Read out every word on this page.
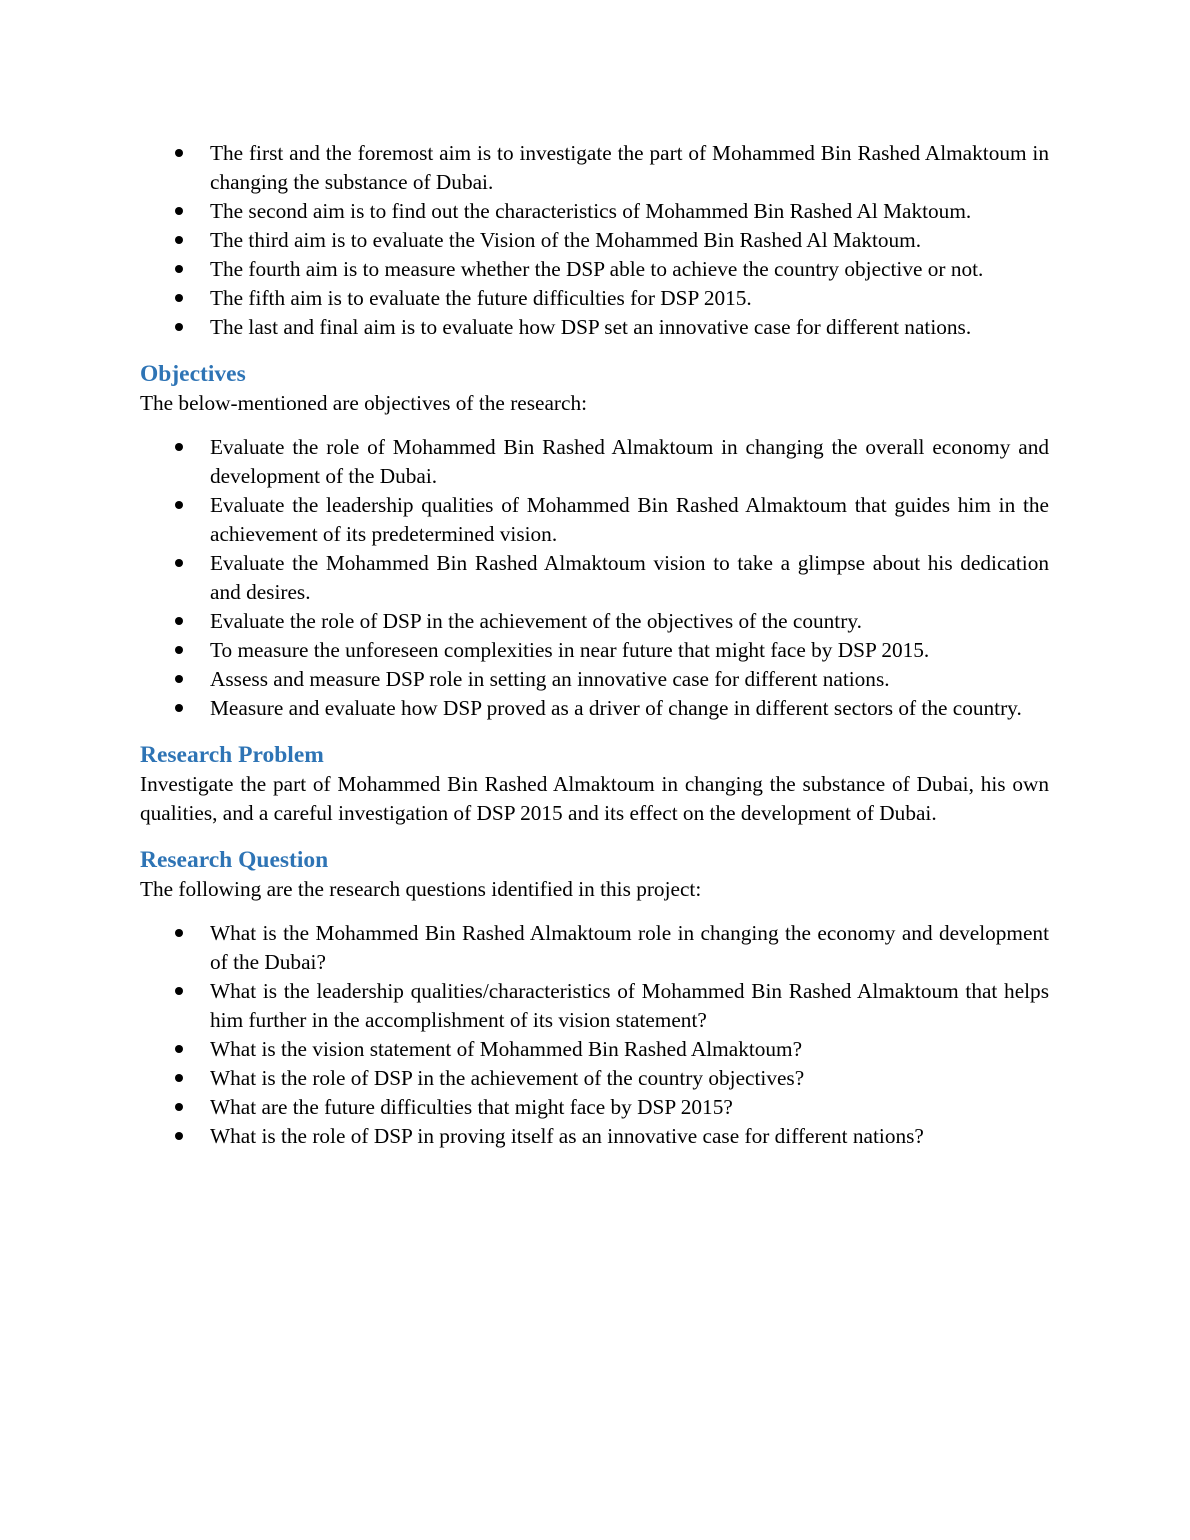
The first and the foremost aim is to investigate the part of Mohammed Bin Rashed Almaktoum in changing the substance of Dubai.
The second aim is to find out the characteristics of Mohammed Bin Rashed Al Maktoum.
The third aim is to evaluate the Vision of the Mohammed Bin Rashed Al Maktoum.
The fourth aim is to measure whether the DSP able to achieve the country objective or not.
The fifth aim is to evaluate the future difficulties for DSP 2015.
The last and final aim is to evaluate how DSP set an innovative case for different nations.
Objectives

The below-mentioned are objectives of the research:

Evaluate the role of Mohammed Bin Rashed Almaktoum in changing the overall economy and development of the Dubai.
Evaluate the leadership qualities of Mohammed Bin Rashed Almaktoum that guides him in the achievement of its predetermined vision.
Evaluate the Mohammed Bin Rashed Almaktoum vision to take a glimpse about his dedication and desires.
Evaluate the role of DSP in the achievement of the objectives of the country.
To measure the unforeseen complexities in near future that might face by DSP 2015.
Assess and measure DSP role in setting an innovative case for different nations.
Measure and evaluate how DSP proved as a driver of change in different sectors of the country.
Research Problem

Investigate the part of Mohammed Bin Rashed Almaktoum in changing the substance of Dubai, his own qualities, and a careful investigation of DSP 2015 and its effect on the development of Dubai.

Research Question

The following are the research questions identified in this project:

What is the Mohammed Bin Rashed Almaktoum role in changing the economy and development of the Dubai?
What is the leadership qualities/characteristics of Mohammed Bin Rashed Almaktoum that helps him further in the accomplishment of its vision statement?
What is the vision statement of Mohammed Bin Rashed Almaktoum?
What is the role of DSP in the achievement of the country objectives?
What are the future difficulties that might face by DSP 2015?
What is the role of DSP in proving itself as an innovative case for different nations?
